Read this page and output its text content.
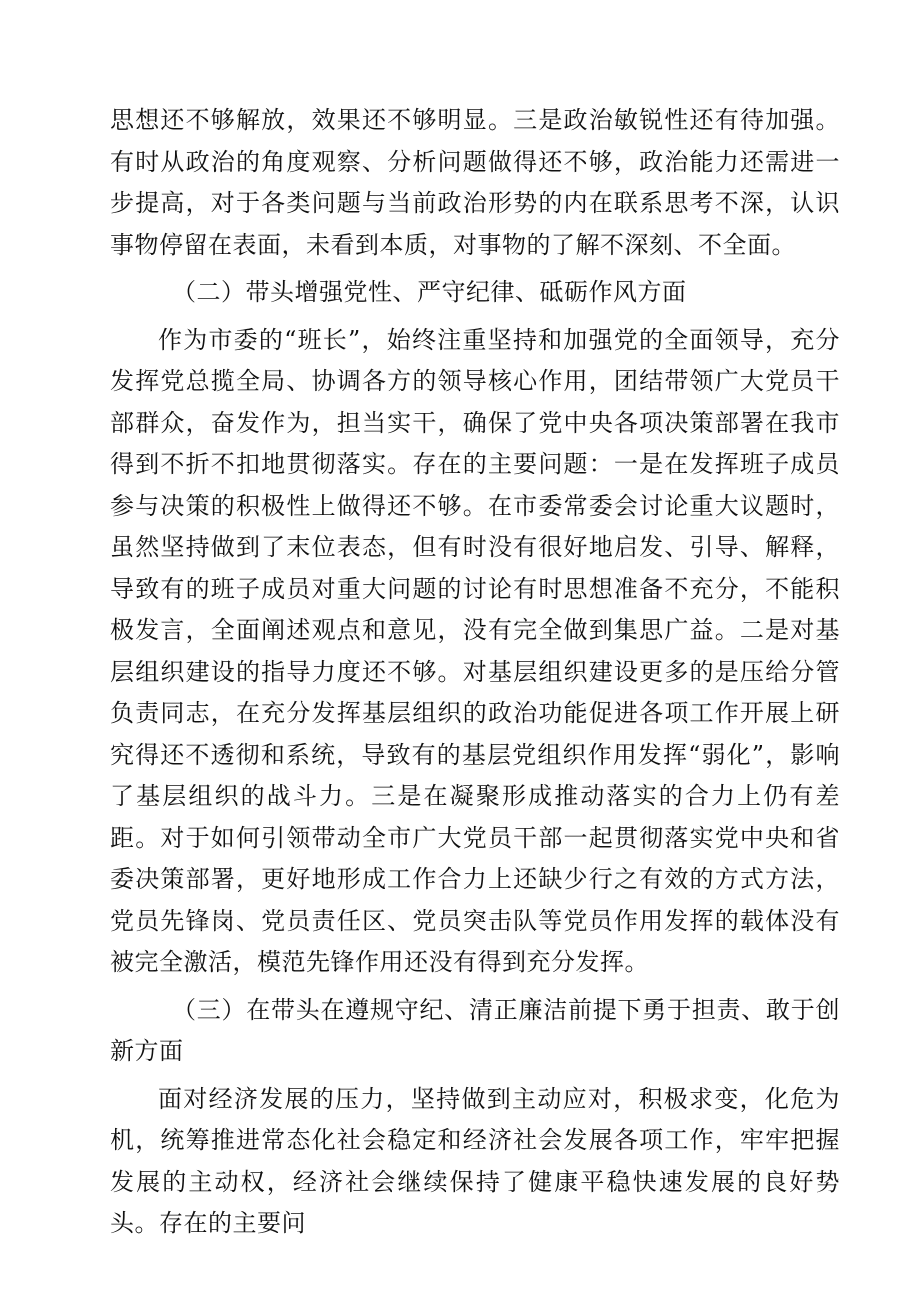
思想还不够解放，效果还不够明显。三是政治敏锐性还有待加强。有时从政治的角度观察、分析问题做得还不够，政治能力还需进一步提高，对于各类问题与当前政治形势的内在联系思考不深，认识事物停留在表面，未看到本质，对事物的了解不深刻、不全面。

（二）带头增强党性、严守纪律、砥砺作风方面

作为市委的“班长”，始终注重坚持和加强党的全面领导，充分发挥党总揽全局、协调各方的领导核心作用，团结带领广大党员干部群众，奋发作为，担当实干，确保了党中央各项决策部署在我市得到不折不扣地贯彻落实。存在的主要问题：一是在发挥班子成员参与决策的积极性上做得还不够。在市委常委会讨论重大议题时，虽然坚持做到了末位表态，但有时没有很好地启发、引导、解释，导致有的班子成员对重大问题的讨论有时思想准备不充分，不能积极发言，全面阐述观点和意见，没有完全做到集思广益。二是对基层组织建设的指导力度还不够。对基层组织建设更多的是压给分管负责同志，在充分发挥基层组织的政治功能促进各项工作开展上研究得还不透彻和系统，导致有的基层党组织作用发挥“弱化”，影响了基层组织的战斗力。三是在凝聚形成推动落实的合力上仍有差距。对于如何引领带动全市广大党员干部一起贯彻落实党中央和省委决策部署，更好地形成工作合力上还缺少行之有效的方式方法，党员先锋岗、党员责任区、党员突击队等党员作用发挥的载体没有被完全激活，模范先锋作用还没有得到充分发挥。

（三）在带头在遵规守纪、清正廉洁前提下勇于担责、敢于创新方面

面对经济发展的压力，坚持做到主动应对，积极求变，化危为机，统筹推进常态化社会稳定和经济社会发展各项工作，牢牢把握发展的主动权，经济社会继续保持了健康平稳快速发展的良好势头。存在的主要问
